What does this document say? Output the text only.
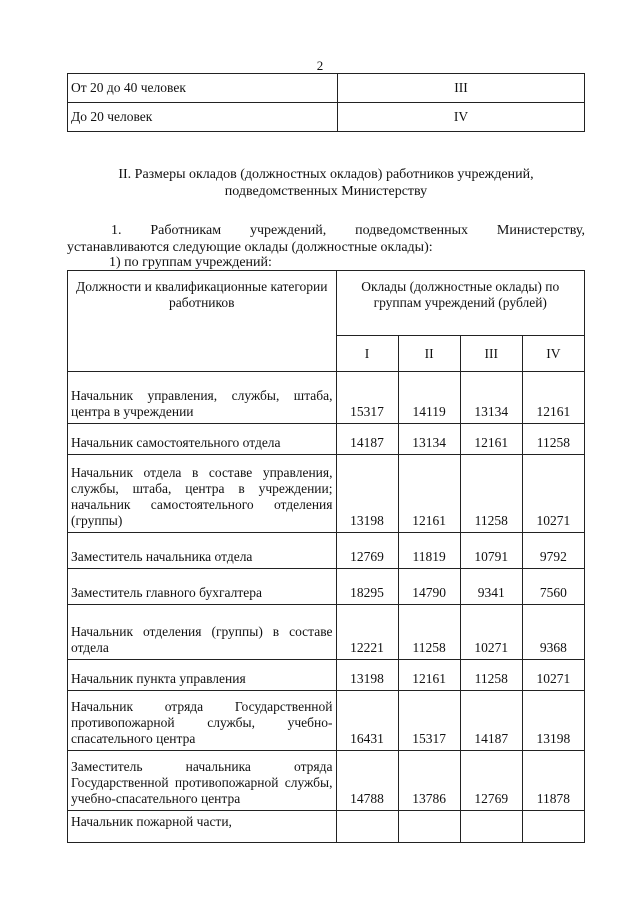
2
От 20 до 40 человек	III
До 20 человек	IV
II. Размеры окладов (должностных окладов) работников учреждений,
подведомственных Министерству
1. Работникам учреждений, подведомственных Министерству,
устанавливаются следующие оклады (должностные оклады):
1) по группам учреждений:
Должности и квалификационные категории работников	Оклады (должностные оклады) по группам учреждений (рублей)			
	I	II	III	IV
Начальник управления, службы, штаба, центра в учреждении	15317	14119	13134	12161
Начальник самостоятельного отдела	14187	13134	12161	11258
Начальник отдела в составе управления, службы, штаба, центра в учреждении; начальник самостоятельного отделения (группы)	13198	12161	11258	10271
Заместитель начальника отдела	12769	11819	10791	9792
Заместитель главного бухгалтера	18295	14790	9341	7560
Начальник отделения (группы) в составе отдела	12221	11258	10271	9368
Начальник пункта управления	13198	12161	11258	10271
Начальник отряда Государственной противопожарной службы, учебно-спасательного центра	16431	15317	14187	13198
Заместитель начальника отряда Государственной противопожарной службы, учебно-спасательного центра	14788	13786	12769	11878
Начальник пожарной части,				
